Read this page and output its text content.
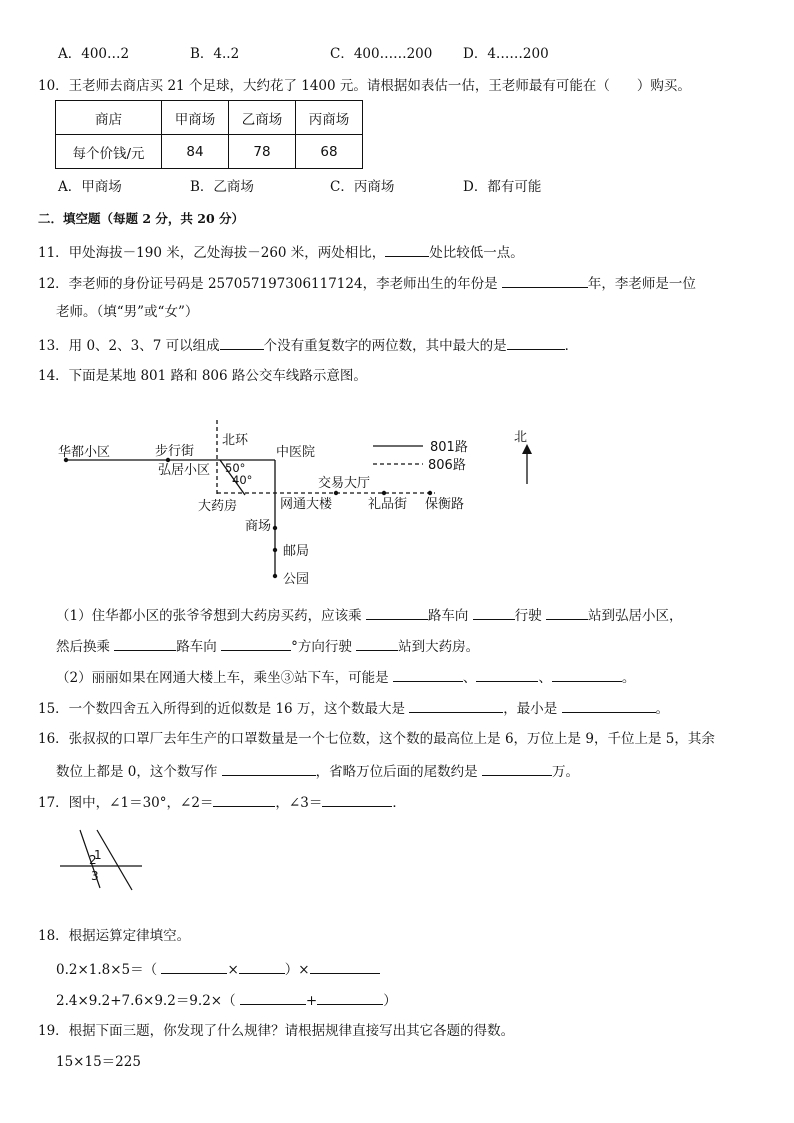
A．400…2	B．4..2	C．400……200 D．4……200
10．王老师去商店买 21 个足球，大约花了 1400 元。请根据如表估一估，王老师最有可能在（　　）购买。
商店	甲商场	乙商场	丙商场
每个价钱/元	84	78	68
A．甲商场	B．乙商场	C．丙商场	D．都有可能
二．填空题（每题 2 分，共 20 分）
11．甲处海拔－190 米，乙处海拔－260 米，两处相比，	处比较低一点。
12．李老师的身份证号码是 257057197306117124，李老师出生的年份是	年，李老师是一位
老师。（填“男”或“女”）
13．用 0、2、3、7 可以组成	个没有重复数字的两位数，其中最大的是	．
14．下面是某地 801 路和 806 路公交车线路示意图。
华都小区	步行街
北环
中医院
弘居小区 50°
40°	交易大厅
大药房	网通大楼	礼品街 保衡路
商场
邮局
公园
801路
806路
北
（1）住华都小区的张爷爷想到大药房买药，应该乘	路车向	行驶	站到弘居小区，
然后换乘	路车向	°方向行驶	站到大药房。
（2）丽丽如果在网通大楼上车，乘坐③站下车，可能是	、	、	。
15．一个数四舍五入所得到的近似数是 16 万，这个数最大是	，最小是	。
16．张叔叔的口罩厂去年生产的口罩数量是一个七位数，这个数的最高位上是 6，万位上是 9，千位上是 5，其余
数位上都是 0，这个数写作	，省略万位后面的尾数约是	万。
17．图中，∠1＝30°，∠2＝	，∠3＝	．
1
2
3
18．根据运算定律填空。
0.2×1.8×5＝（	×	）×
2.4×9.2+7.6×9.2＝9.2×（	+	）
19．根据下面三题，你发现了什么规律？请根据规律直接写出其它各题的得数。
15×15＝225
